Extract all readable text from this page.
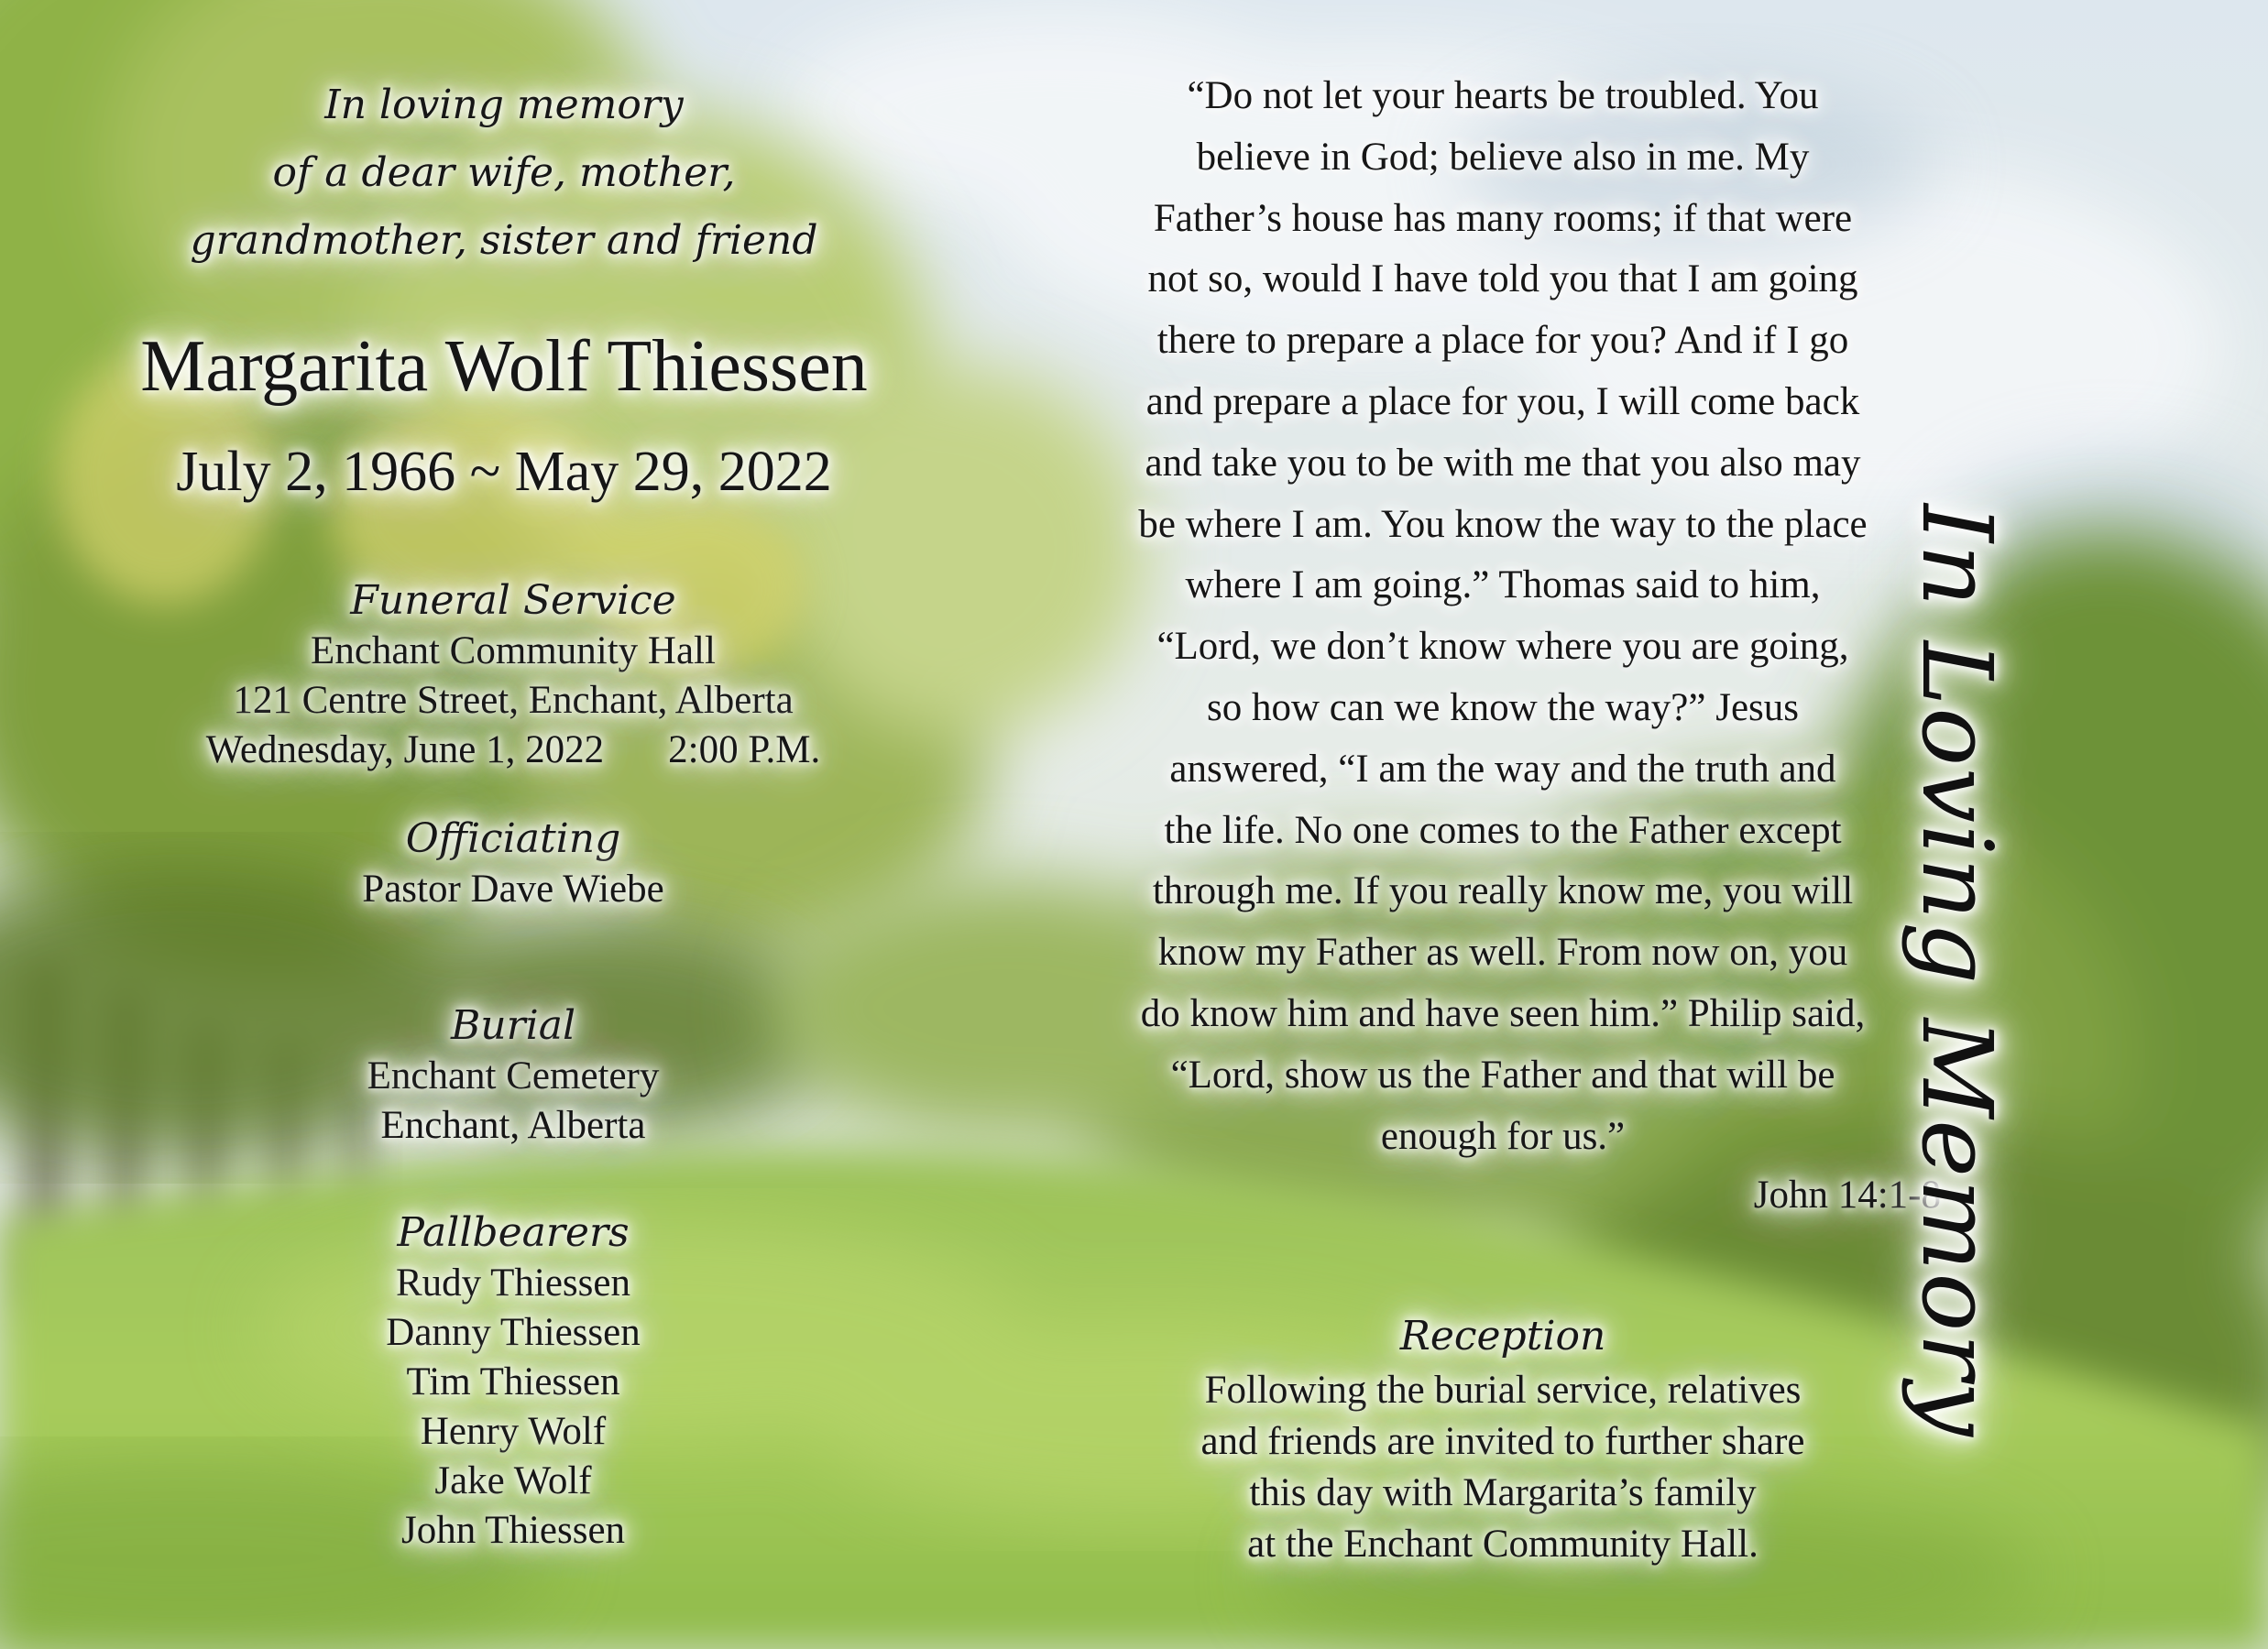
In loving memory
of a dear wife, mother,
grandmother, sister and friend
Margarita Wolf Thiessen
July 2, 1966 ~ May 29, 2022
Funeral Service
Enchant Community Hall
121 Centre Street, Enchant, Alberta
Wednesday, June 1, 2022 2:00 P.M.
Officiating
Pastor Dave Wiebe
Burial
Enchant Cemetery
Enchant, Alberta
Pallbearers
Rudy Thiessen
Danny Thiessen
Tim Thiessen
Henry Wolf
Jake Wolf
John Thiessen
“Do not let your hearts be troubled. You
believe in God; believe also in me. My
Father’s house has many rooms; if that were
not so, would I have told you that I am going
there to prepare a place for you? And if I go
and prepare a place for you, I will come back
and take you to be with me that you also may
be where I am. You know the way to the place
where I am going.” Thomas said to him,
“Lord, we don’t know where you are going,
so how can we know the way?” Jesus
answered, “I am the way and the truth and
the life. No one comes to the Father except
through me. If you really know me, you will
know my Father as well. From now on, you
do know him and have seen him.” Philip said,
“Lord, show us the Father and that will be
enough for us.”
John 14:1-8
Reception
Following the burial service, relatives
and friends are invited to further share
this day with Margarita’s family
at the Enchant Community Hall.
In Loving Memory
